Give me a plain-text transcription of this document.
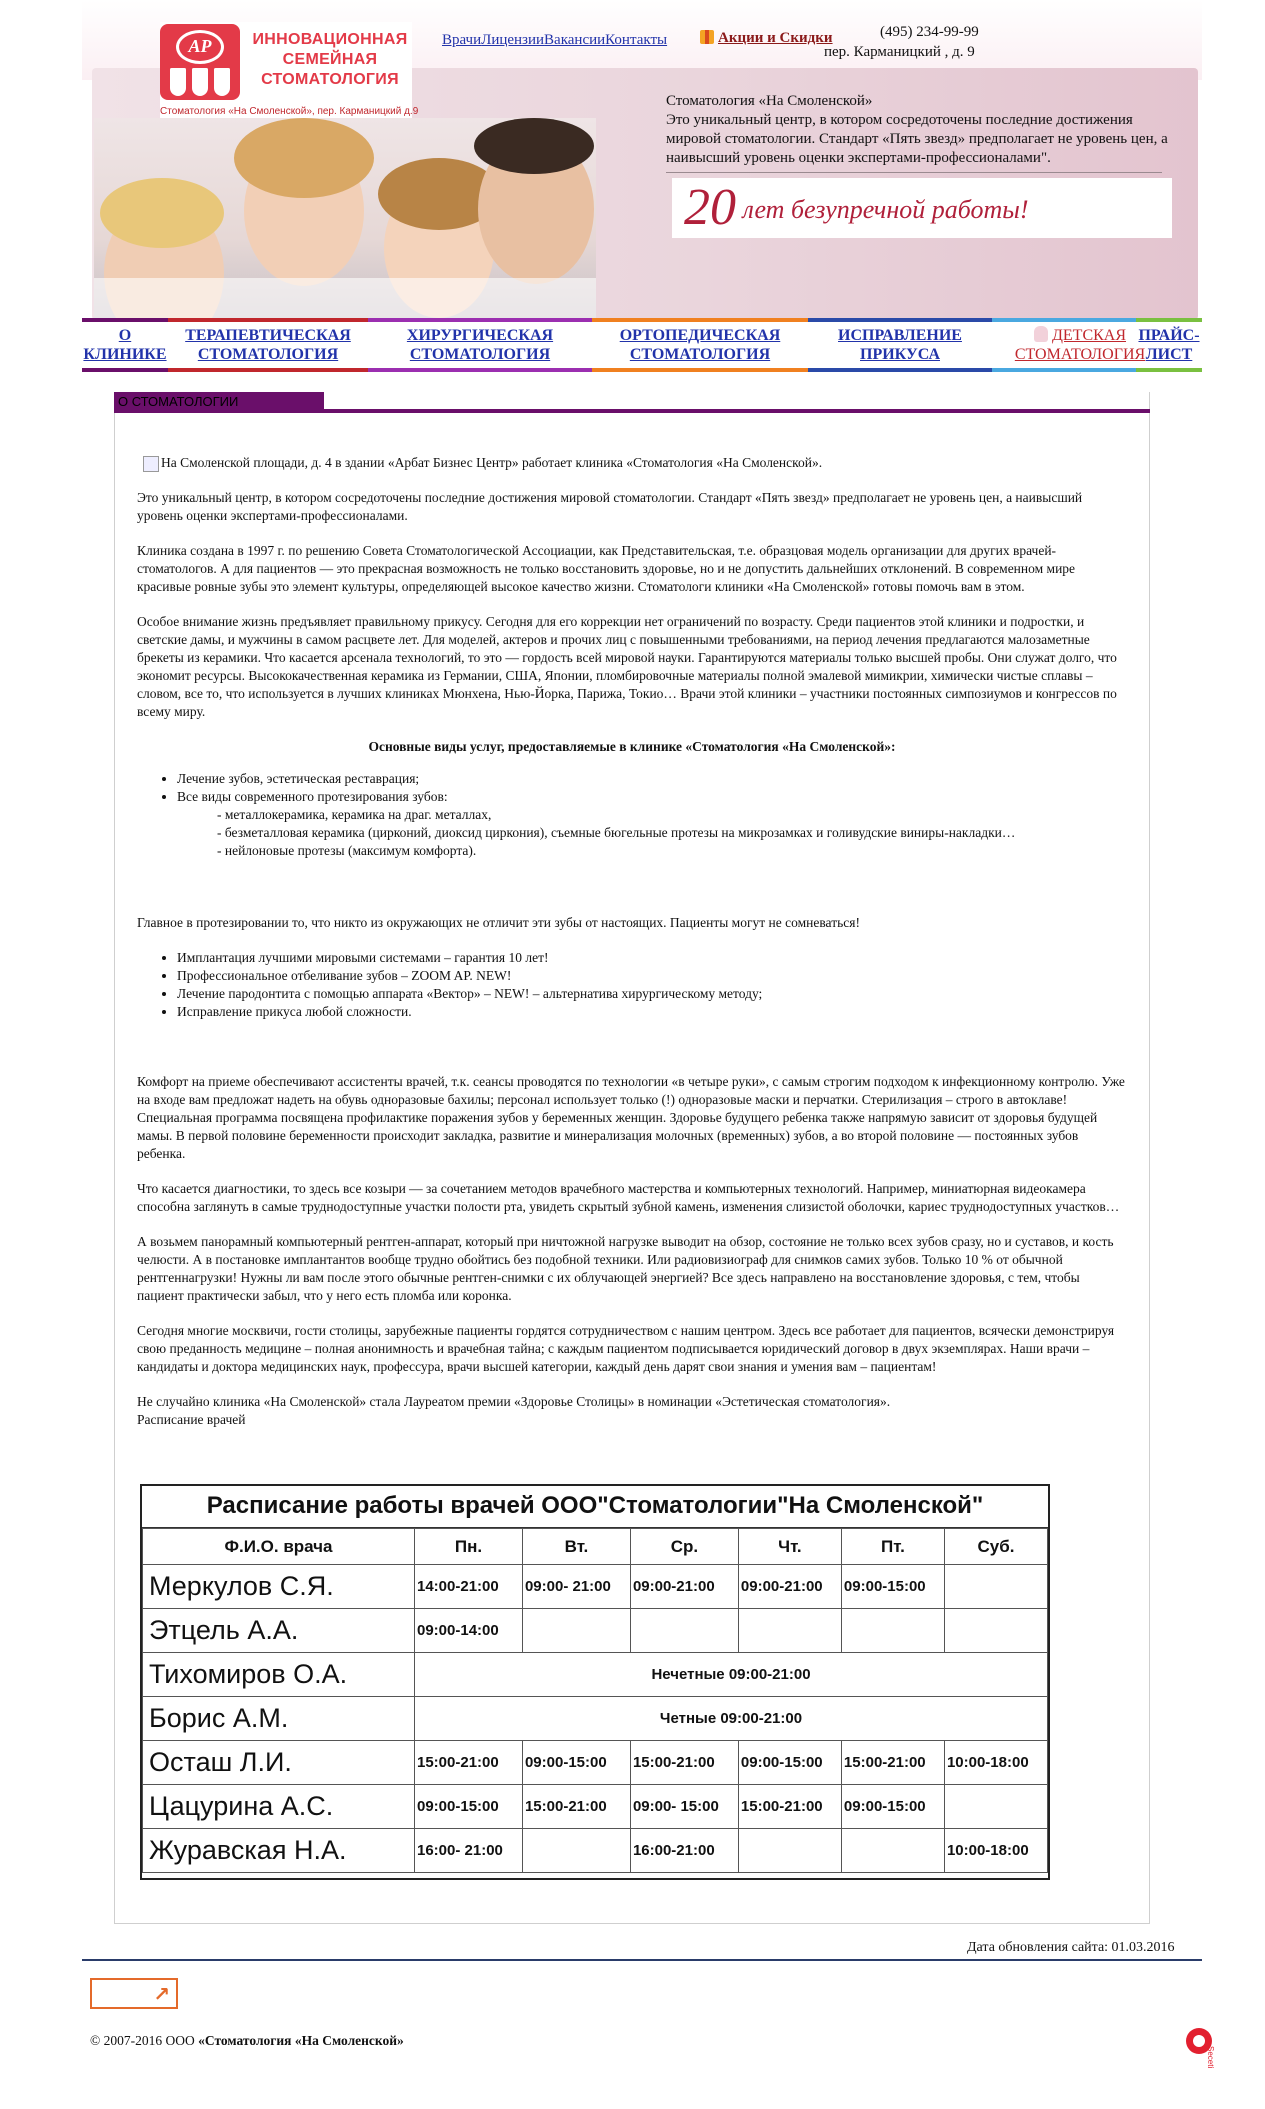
Стоматология «На Смоленской»
Это уникальный центр, в котором сосредоточены последние достижения мировой стоматологии. Стандарт «Пять звезд» предполагает не уровень цен, а наивысший уровень оценки экспертами-профессионалами".
20 лет безупречной работы!
AP	ИННОВАЦИОННАЯ
СЕМЕЙНАЯ
СТОМАТОЛОГИЯ
Стоматология «На Смоленской», пер. Карманицкий д.9
ВрачиЛицензииВакансииКонтакты	Акции и Скидки	(495) 234-99-99
пер. Карманицкий , д. 9
О
КЛИНИКЕ
ТЕРАПЕВТИЧЕСКАЯ
СТОМАТОЛОГИЯ
ХИРУРГИЧЕСКАЯ
СТОМАТОЛОГИЯ
ОРТОПЕДИЧЕСКАЯ
СТОМАТОЛОГИЯ
ИСПРАВЛЕНИЕ
ПРИКУСА
ДЕТСКАЯ
СТОМАТОЛОГИЯ
ПРАЙС-
ЛИСТ
О СТОМАТОЛОГИИ

На Смоленской площади, д. 4 в здании «Арбат Бизнес Центр» работает клиника «Стоматология «На Смоленской».

Это уникальный центр, в котором сосредоточены последние достижения мировой стоматологии. Стандарт «Пять звезд» предполагает не уровень цен, а наивысший уровень оценки экспертами-профессионалами.

Клиника создана в 1997 г. по решению Совета Стоматологической Ассоциации, как Представительская, т.е. образцовая модель организации для других врачей-стоматологов. А для пациентов — это прекрасная возможность не только восстановить здоровье, но и не допустить дальнейших отклонений. В современном мире красивые ровные зубы это элемент культуры, определяющей высокое качество жизни. Стоматологи клиники «На Смоленской» готовы помочь вам в этом.

Особое внимание жизнь предъявляет правильному прикусу. Сегодня для его коррекции нет ограничений по возрасту. Среди пациентов этой клиники и подростки, и светские дамы, и мужчины в самом расцвете лет. Для моделей, актеров и прочих лиц с повышенными требованиями, на период лечения предлагаются малозаметные брекеты из керамики. Что касается арсенала технологий, то это — гордость всей мировой науки. Гарантируются материалы только высшей пробы. Они служат долго, что экономит ресурсы. Высококачественная керамика из Германии, США, Японии, пломбировочные материалы полной эмалевой мимикрии, химически чистые сплавы – словом, все то, что используется в лучших клиниках Мюнхена, Нью-Йорка, Парижа, Токио… Врачи этой клиники – участники постоянных симпозиумов и конгрессов по всему миру.

Основные виды услуг, предоставляемые в клинике «Стоматология «На Смоленской»:

• Лечение зубов, эстетическая реставрация;
• Все виды современного протезирования зубов:
- металлокерамика, керамика на драг. металлах,
- безметалловая керамика (цирконий, диоксид циркония), съемные бюгельные протезы на микрозамках и голивудские виниры-накладки…
- нейлоновые протезы (максимум комфорта).

Главное в протезировании то, что никто из окружающих не отличит эти зубы от настоящих. Пациенты могут не сомневаться!

• Имплантация лучшими мировыми системами – гарантия 10 лет!
• Профессиональное отбеливание зубов – ZOOM AP. NEW!
• Лечение пародонтита с помощью аппарата «Вектор» – NEW! – альтернатива хирургическому методу;
• Исправление прикуса любой сложности.

Комфорт на приеме обеспечивают ассистенты врачей, т.к. сеансы проводятся по технологии «в четыре руки», с самым строгим подходом к инфекционному контролю. Уже на входе вам предложат надеть на обувь одноразовые бахилы; персонал использует только (!) одноразовые маски и перчатки. Стерилизация – строго в автоклаве! Специальная программа посвящена профилактике поражения зубов у беременных женщин. Здоровье будущего ребенка также напрямую зависит от здоровья будущей мамы. В первой половине беременности происходит закладка, развитие и минерализация молочных (временных) зубов, а во второй половине — постоянных зубов ребенка.

Что касается диагностики, то здесь все козыри — за сочетанием методов врачебного мастерства и компьютерных технологий. Например, миниатюрная видеокамера способна заглянуть в самые труднодоступные участки полости рта, увидеть скрытый зубной камень, изменения слизистой оболочки, кариес труднодоступных участков…

А возьмем панорамный компьютерный рентген-аппарат, который при ничтожной нагрузке выводит на обзор, состояние не только всех зубов сразу, но и суставов, и кость челюсти. А в постановке имплантантов вообще трудно обойтись без подобной техники. Или радиовизиограф для снимков самих зубов. Только 10 % от обычной рентгеннагрузки! Нужны ли вам после этого обычные рентген-снимки с их облучающей энергией? Все здесь направлено на восстановление здоровья, с тем, чтобы пациент практически забыл, что у него есть пломба или коронка.

Сегодня многие москвичи, гости столицы, зарубежные пациенты гордятся сотрудничеством с нашим центром. Здесь все работает для пациентов, всячески демонстрируя свою преданность медицине – полная анонимность и врачебная тайна; с каждым пациентом подписывается юридический договор в двух экземплярах. Наши врачи – кандидаты и доктора медицинских наук, профессура, врачи высшей категории, каждый день дарят свои знания и умения вам – пациентам!

Не случайно клиника «На Смоленской» стала Лауреатом премии «Здоровье Столицы» в номинации «Эстетическая стоматология».

Расписание врачей

Расписание работы врачей ООО"Стоматологии"На Смоленской"
Ф.И.О. врача	Пн.	Вт.	Ср.	Чт.	Пт.	Суб.
Меркулов С.Я.	14:00-21:00	09:00- 21:00	09:00-21:00	09:00-21:00	09:00-15:00	
Этцель А.А.	09:00-14:00					
Тихомиров О.А.	Нечетные 09:00-21:00					
Борис А.М.	Четные 09:00-21:00					
Осташ Л.И.	15:00-21:00	09:00-15:00	15:00-21:00	09:00-15:00	15:00-21:00	10:00-18:00
Цацурина А.С.	09:00-15:00	15:00-21:00	09:00- 15:00	15:00-21:00	09:00-15:00	
Журавская Н.А.	16:00- 21:00		16:00-21:00			10:00-18:00
Дата обновления сайта: 01.03.2016
↗
© 2007-2016 ООО «Стоматология «На Смоленской»
Seceti
